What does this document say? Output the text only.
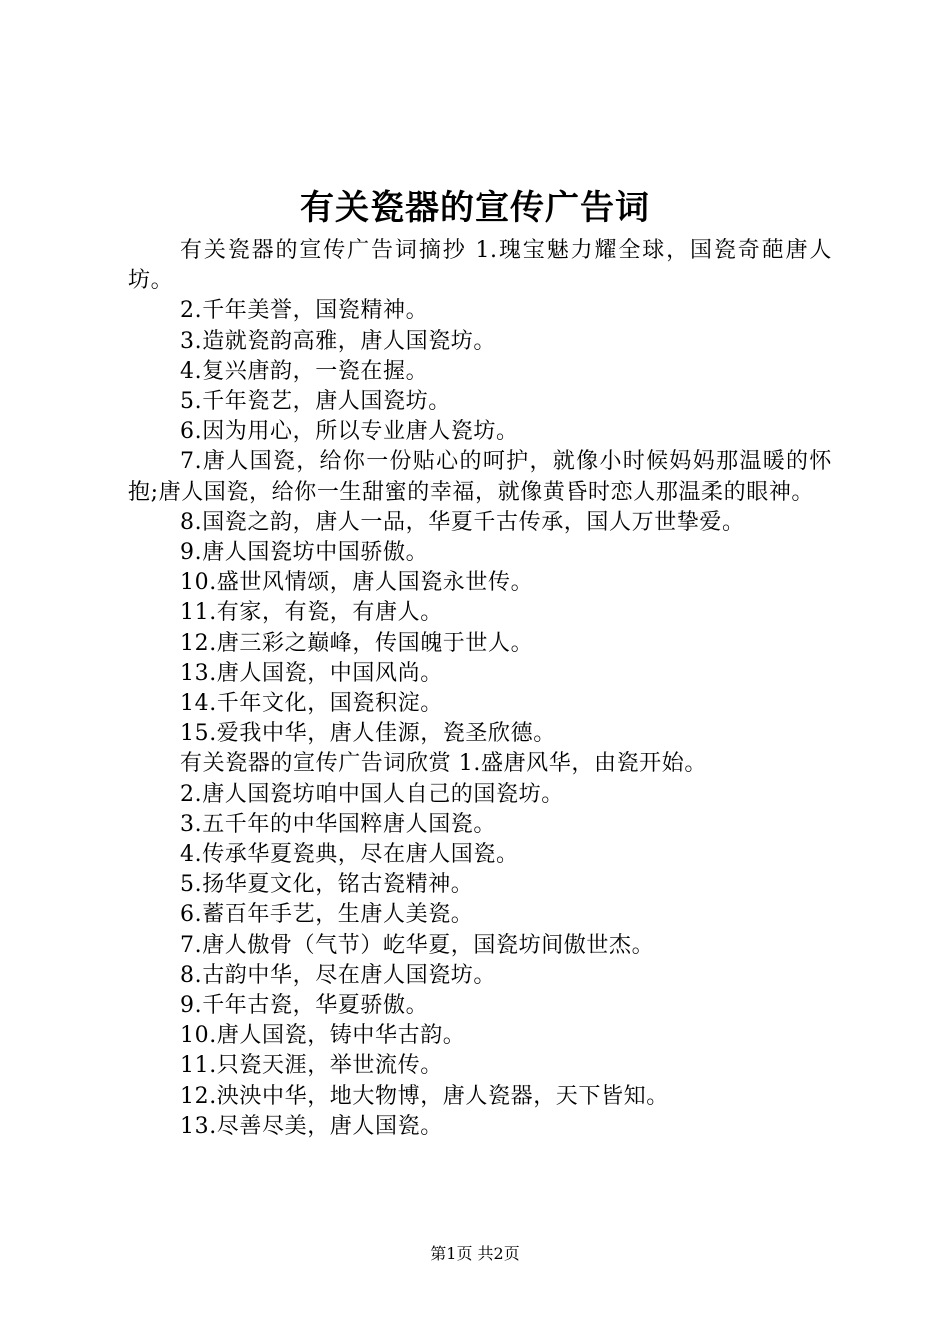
有关瓷器的宣传广告词

有关瓷器的宣传广告词摘抄 1.瑰宝魅力耀全球，国瓷奇葩唐人坊。

2.千年美誉，国瓷精神。

3.造就瓷韵高雅，唐人国瓷坊。

4.复兴唐韵，一瓷在握。

5.千年瓷艺，唐人国瓷坊。

6.因为用心，所以专业唐人瓷坊。

7.唐人国瓷，给你一份贴心的呵护，就像小时候妈妈那温暖的怀抱;唐人国瓷，给你一生甜蜜的幸福，就像黄昏时恋人那温柔的眼神。

8.国瓷之韵，唐人一品，华夏千古传承，国人万世挚爱。

9.唐人国瓷坊中国骄傲。

10.盛世风情颂，唐人国瓷永世传。

11.有家，有瓷，有唐人。

12.唐三彩之巅峰，传国魄于世人。

13.唐人国瓷，中国风尚。

14.千年文化，国瓷积淀。

15.爱我中华，唐人佳源，瓷圣欣德。

有关瓷器的宣传广告词欣赏 1.盛唐风华，由瓷开始。

2.唐人国瓷坊咱中国人自己的国瓷坊。

3.五千年的中华国粹唐人国瓷。

4.传承华夏瓷典，尽在唐人国瓷。

5.扬华夏文化，铭古瓷精神。

6.蓄百年手艺，生唐人美瓷。

7.唐人傲骨（气节）屹华夏，国瓷坊间傲世杰。

8.古韵中华，尽在唐人国瓷坊。

9.千年古瓷，华夏骄傲。

10.唐人国瓷，铸中华古韵。

11.只瓷天涯，举世流传。

12.泱泱中华，地大物博，唐人瓷器，天下皆知。

13.尽善尽美，唐人国瓷。

第1页 共2页
